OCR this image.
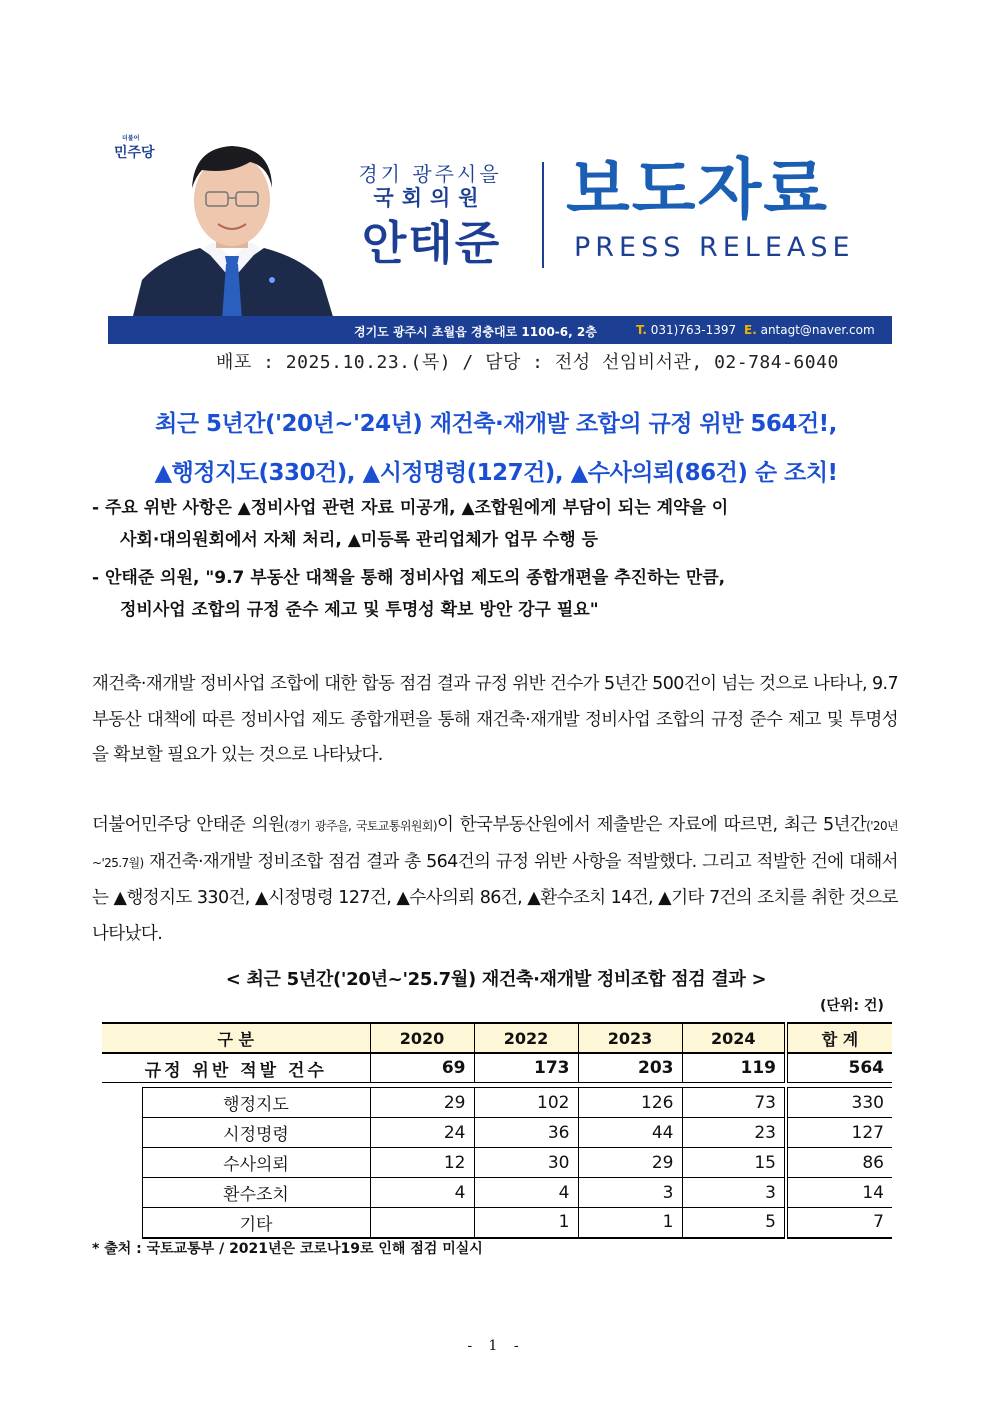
더불어
민주당
경기 광주시을
국회의원
안태준
보도자료
PRESS RELEASE
경기도 광주시 초월읍 경충대로 1100-6, 2층	T. 031)763-1397 E. antagt@naver.com
배포 : 2025.10.23.(목) / 담당 : 전성 선임비서관, 02-784-6040
최근 5년간('20년~'24년) 재건축·재개발 조합의 규정 위반 564건!,
▲행정지도(330건), ▲시정명령(127건), ▲수사의뢰(86건) 순 조치!
- 주요 위반 사항은 ▲정비사업 관련 자료 미공개, ▲조합원에게 부담이 되는 계약을 이
사회·대의원회에서 자체 처리, ▲미등록 관리업체가 업무 수행 등
- 안태준 의원, "9.7 부동산 대책을 통해 정비사업 제도의 종합개편을 추진하는 만큼,
정비사업 조합의 규정 준수 제고 및 투명성 확보 방안 강구 필요"
재건축·재개발 정비사업 조합에 대한 합동 점검 결과 규정 위반 건수가 5년간 500건이 넘는 것으로 나타나, 9.7 부동산 대책에 따른 정비사업 제도 종합개편을 통해 재건축·재개발 정비사업 조합의 규정 준수 제고 및 투명성을 확보할 필요가 있는 것으로 나타났다.
더불어민주당 안태준 의원(경기 광주을, 국토교통위원회)이 한국부동산원에서 제출받은 자료에 따르면, 최근 5년간('20년~'25.7월) 재건축·재개발 정비조합 점검 결과 총 564건의 규정 위반 사항을 적발했다. 그리고 적발한 건에 대해서는 ▲행정지도 330건, ▲시정명령 127건, ▲수사의뢰 86건, ▲환수조치 14건, ▲기타 7건의 조치를 취한 것으로 나타났다.
< 최근 5년간('20년~'25.7월) 재건축·재개발 정비조합 점검 결과 >
(단위: 건)
구 분	2020	2022	2023	2024	합 계
규정 위반 적발 건수	69	173	203	119	564
	행정지도	29	102	126	73	330
	시정명령	24	36	44	23	127
	수사의뢰	12	30	29	15	86
	환수조치	4	4	3	3	14
	기타		1	1	5	7
* 출처 : 국토교통부 / 2021년은 코로나19로 인해 점검 미실시
- 1 -
